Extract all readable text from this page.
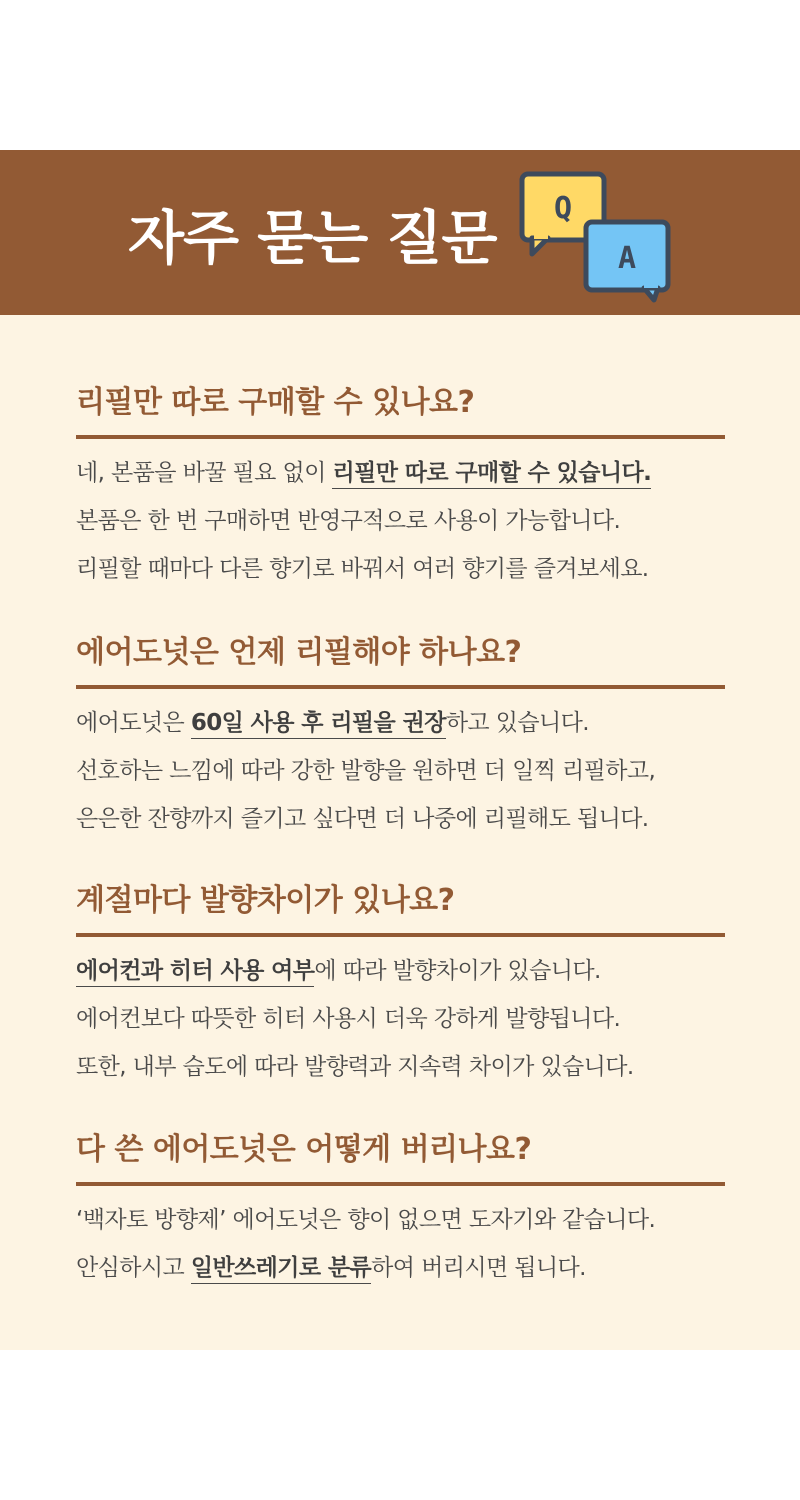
자주 묻는 질문 Q
A
리필만 따로 구매할 수 있나요?
네, 본품을 바꿀 필요 없이 리필만 따로 구매할 수 있습니다.
본품은 한 번 구매하면 반영구적으로 사용이 가능합니다.
리필할 때마다 다른 향기로 바꿔서 여러 향기를 즐겨보세요.
에어도넛은 언제 리필해야 하나요?
에어도넛은 60일 사용 후 리필을 권장하고 있습니다.
선호하는 느낌에 따라 강한 발향을 원하면 더 일찍 리필하고,
은은한 잔향까지 즐기고 싶다면 더 나중에 리필해도 됩니다.
계절마다 발향차이가 있나요?
에어컨과 히터 사용 여부에 따라 발향차이가 있습니다.
에어컨보다 따뜻한 히터 사용시 더욱 강하게 발향됩니다.
또한, 내부 습도에 따라 발향력과 지속력 차이가 있습니다.
다 쓴 에어도넛은 어떻게 버리나요?
‘백자토 방향제’ 에어도넛은 향이 없으면 도자기와 같습니다.
안심하시고 일반쓰레기로 분류하여 버리시면 됩니다.
